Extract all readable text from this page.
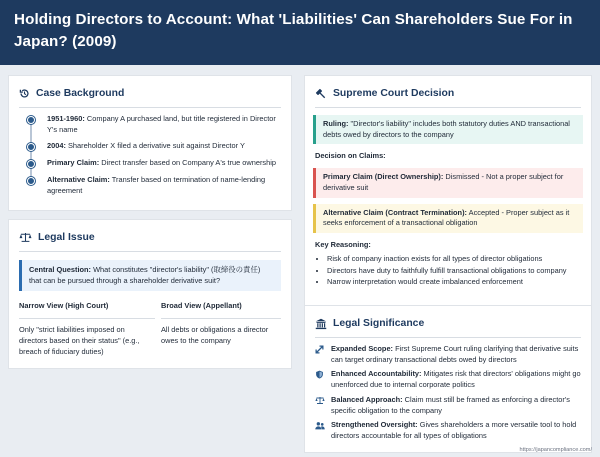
Holding Directors to Account: What 'Liabilities' Can Shareholders Sue For in Japan? (2009)
Case Background
1951-1960: Company A purchased land, but title registered in Director Y's name
2004: Shareholder X filed a derivative suit against Director Y
Primary Claim: Direct transfer based on Company A's true ownership
Alternative Claim: Transfer based on termination of name-lending agreement
Legal Issue
Central Question: What constitutes "director's liability" (取締役の責任) that can be pursued through a shareholder derivative suit?
Narrow View (High Court)
Only "strict liabilities imposed on directors based on their status" (e.g., breach of fiduciary duties)
Broad View (Appellant)
All debts or obligations a director owes to the company
Supreme Court Decision
Ruling: "Director's liability" includes both statutory duties AND transactional debts owed by directors to the company
Decision on Claims:
Primary Claim (Direct Ownership): Dismissed - Not a proper subject for derivative suit
Alternative Claim (Contract Termination): Accepted - Proper subject as it seeks enforcement of a transactional obligation
Key Reasoning:
• Risk of company inaction exists for all types of director obligations
• Directors have duty to faithfully fulfill transactional obligations to company
• Narrow interpretation would create imbalanced enforcement
Legal Significance
Expanded Scope: First Supreme Court ruling clarifying that derivative suits can target ordinary transactional debts owed by directors
Enhanced Accountability: Mitigates risk that directors' obligations might go unenforced due to internal corporate politics
Balanced Approach: Claim must still be framed as enforcing a director's specific obligation to the company
Strengthened Oversight: Gives shareholders a more versatile tool to hold directors accountable for all types of obligations
https://japancompliance.com/
